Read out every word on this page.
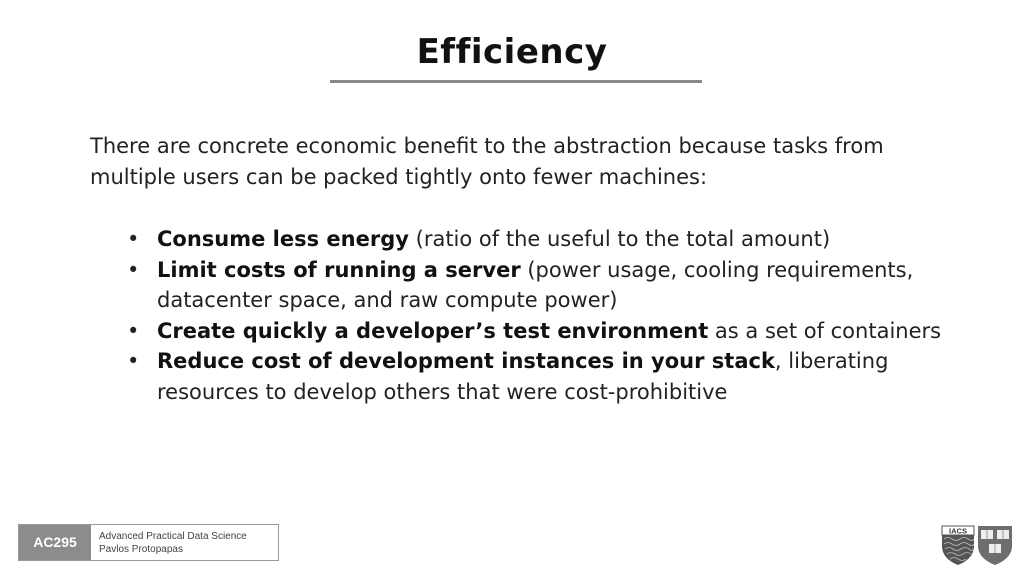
Efficiency
There are concrete economic benefit to the abstraction because tasks from multiple users can be packed tightly onto fewer machines:
• Consume less energy (ratio of the useful to the total amount)
• Limit costs of running a server (power usage, cooling requirements, datacenter space, and raw compute power)
• Create quickly a developer’s test environment as a set of containers
• Reduce cost of development instances in your stack, liberating resources to develop others that were cost-prohibitive
AC295	Advanced Practical Data Science
Pavlos Protopapas
IACS
